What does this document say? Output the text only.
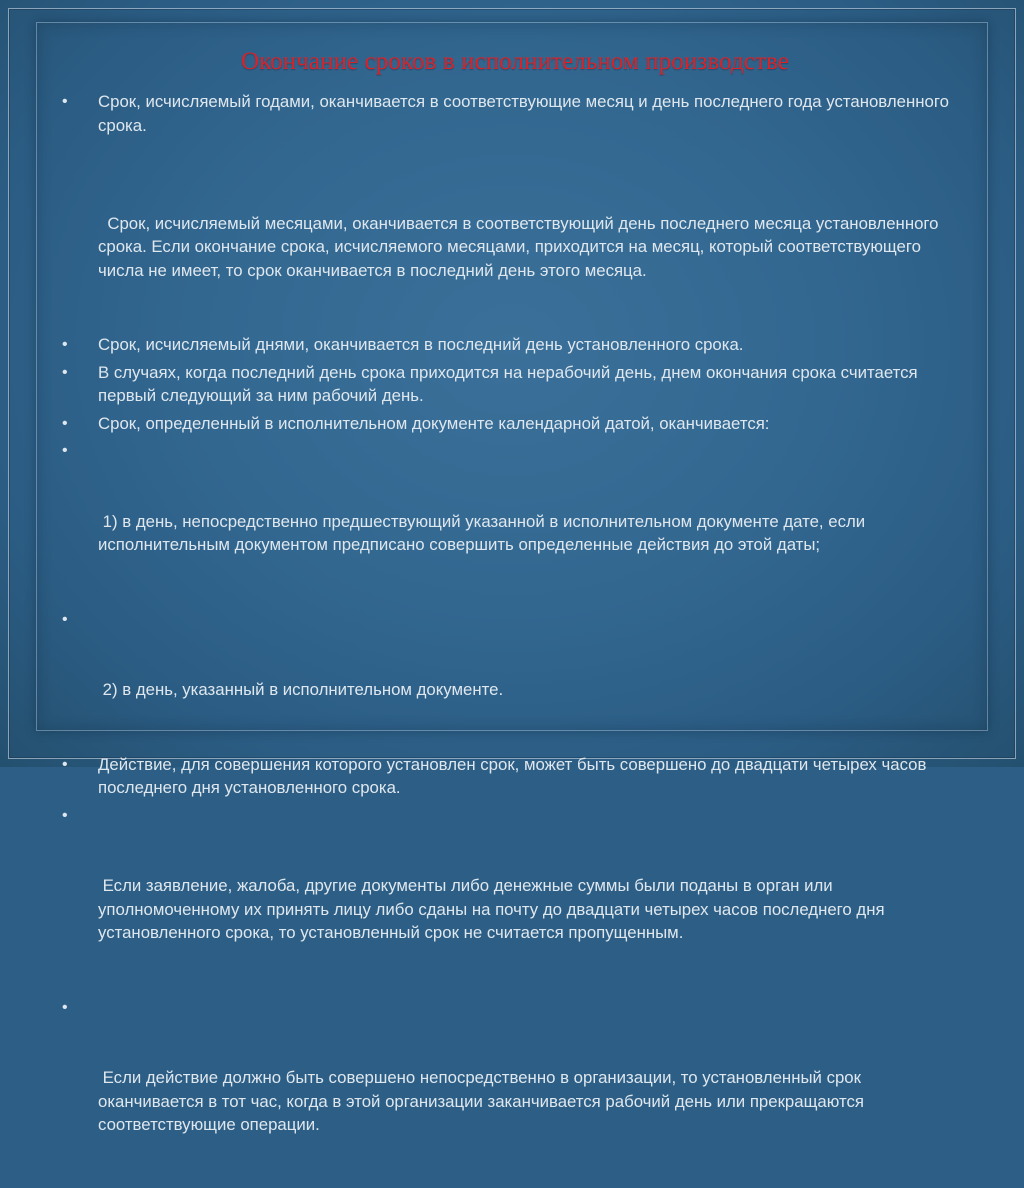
Окончание сроков в исполнительном производстве
• Срок, исчисляемый годами, оканчивается в соответствующие месяц и день последнего года установленного срока.

Срок, исчисляемый месяцами, оканчивается в соответствующий день последнего месяца установленного срока. Если окончание срока, исчисляемого месяцами, приходится на месяц, который соответствующего числа не имеет, то срок оканчивается в последний день этого месяца.

• Срок, исчисляемый днями, оканчивается в последний день установленного срока.
• В случаях, когда последний день срока приходится на нерабочий день, днем окончания срока считается первый следующий за ним рабочий день.
• Срок, определенный в исполнительном документе календарной датой, оканчивается:

•

1) в день, непосредственно предшествующий указанной в исполнительном документе дате, если исполнительным документом предписано совершить определенные действия до этой даты;

•

2) в день, указанный в исполнительном документе.

• Действие, для совершения которого установлен срок, может быть совершено до двадцати четырех часов последнего дня установленного срока.

•

Если заявление, жалоба, другие документы либо денежные суммы были поданы в орган или уполномоченному их принять лицу либо сданы на почту до двадцати четырех часов последнего дня установленного срока, то установленный срок не считается пропущенным.

•

Если действие должно быть совершено непосредственно в организации, то установленный срок оканчивается в тот час, когда в этой организации заканчивается рабочий день или прекращаются соответствующие операции.
